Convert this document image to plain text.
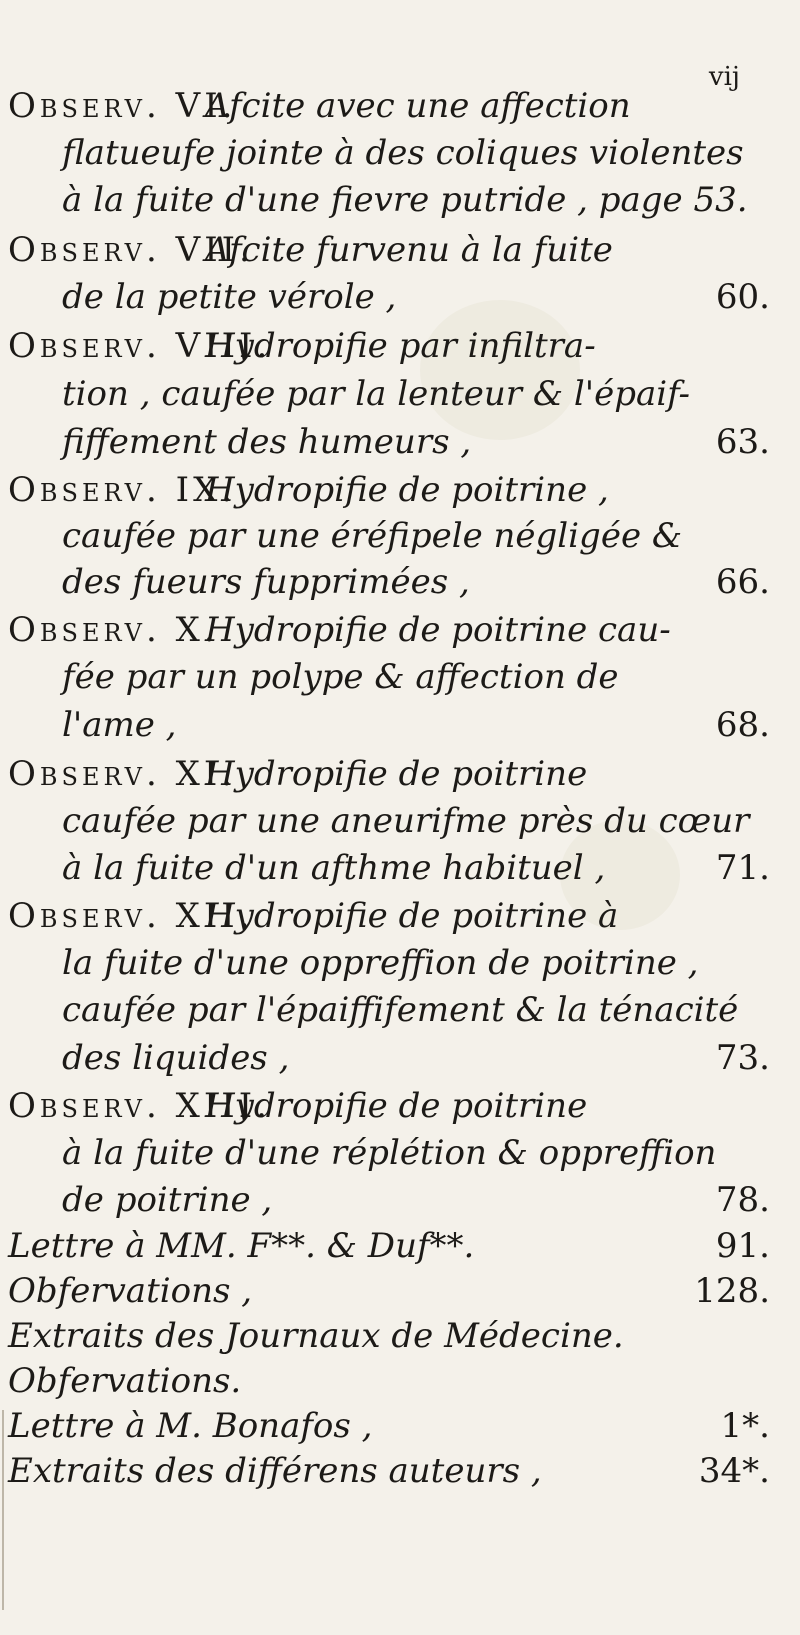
vij
Observ. VI.
Afcite avec une affection
flatueufe jointe à des coliques violentes
à la fuite d'une fievre putride , page 53.
Observ. VII.
Afcite furvenu à la fuite
de la petite vérole ,	60.
Observ. VIII.
Hydropifie par infiltra-
tion , caufée par la lenteur & l'épaif-
fiffement des humeurs ,	63.
Observ. IX.
Hydropifie de poitrine ,
caufée par une éréfipele négligée &
des fueurs fupprimées ,	66.
Observ. X.
Hydropifie de poitrine cau-
fée par un polype & affection de
l'ame ,	68.
Observ. XI.
Hydropifie de poitrine
caufée par une aneurifme près du cœur
à la fuite d'un afthme habituel ,	71.
Observ. XII.
Hydropifie de poitrine à
la fuite d'une oppreffion de poitrine ,
caufée par l'épaiffifement & la ténacité
des liquides ,	73.
Observ. XIII.
Hydropifie de poitrine
à la fuite d'une réplétion & oppreffion
de poitrine ,	78.
Lettre à MM. F**. & Duf**.	91.
Obfervations ,	128.
Extraits des Journaux de Médecine.
Obfervations.
Lettre à M. Bonafos ,	1*.
Extraits des différens auteurs ,	34*.
